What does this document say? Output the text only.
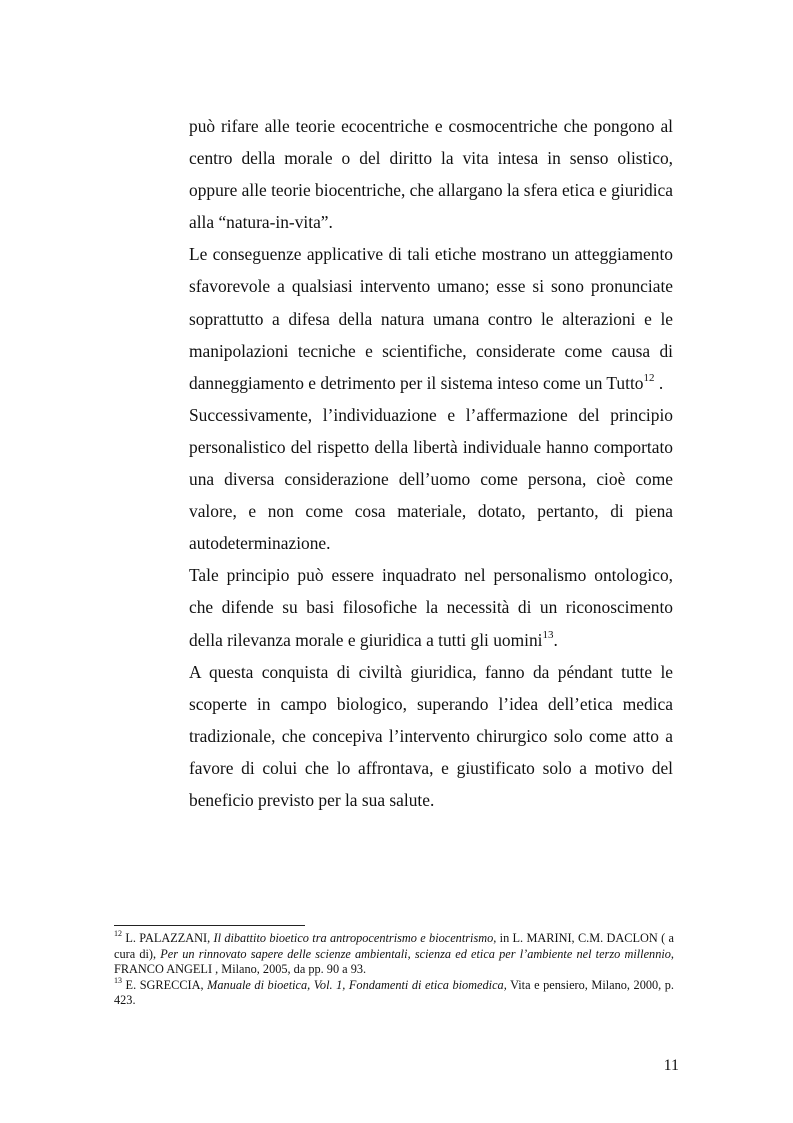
può rifare alle teorie ecocentriche e cosmocentriche che pongono al centro della morale o del diritto la vita intesa in senso olistico, oppure alle teorie biocentriche, che allargano la sfera etica e giuridica alla “natura-in-vita”.

Le conseguenze applicative di tali etiche mostrano un atteggiamento sfavorevole a qualsiasi intervento umano; esse si sono pronunciate soprattutto a difesa della natura umana contro le alterazioni e le manipolazioni tecniche e scientifiche, considerate come causa di danneggiamento e detrimento per il sistema inteso come un Tutto$^{12}$ .

Successivamente, l’individuazione e l’affermazione del principio personalistico del rispetto della libertà individuale hanno comportato una diversa considerazione dell’uomo come persona, cioè come valore, e non come cosa materiale, dotato, pertanto, di piena autodeterminazione.

Tale principio può essere inquadrato nel personalismo ontologico, che difende su basi filosofiche la necessità di un riconoscimento della rilevanza morale e giuridica a tutti gli uomini$^{13}$.

A questa conquista di civiltà giuridica, fanno da péndant tutte le scoperte in campo biologico, superando l’idea dell’etica medica tradizionale, che concepiva l’intervento chirurgico solo come atto a favore di colui che lo affrontava, e giustificato solo a motivo del beneficio previsto per la sua salute.

$^{12}$ L. PALAZZANI, Il dibattito bioetico tra antropocentrismo e biocentrismo, in L. MARINI, C.M. DACLON ( a cura di), Per un rinnovato sapere delle scienze ambientali, scienza ed etica per l’ambiente nel terzo millennio, FRANCO ANGELI , Milano, 2005, da pp. 90 a 93.

$^{13}$ E. SGRECCIA, Manuale di bioetica, Vol. 1, Fondamenti di etica biomedica, Vita e pensiero, Milano, 2000, p. 423.

11
